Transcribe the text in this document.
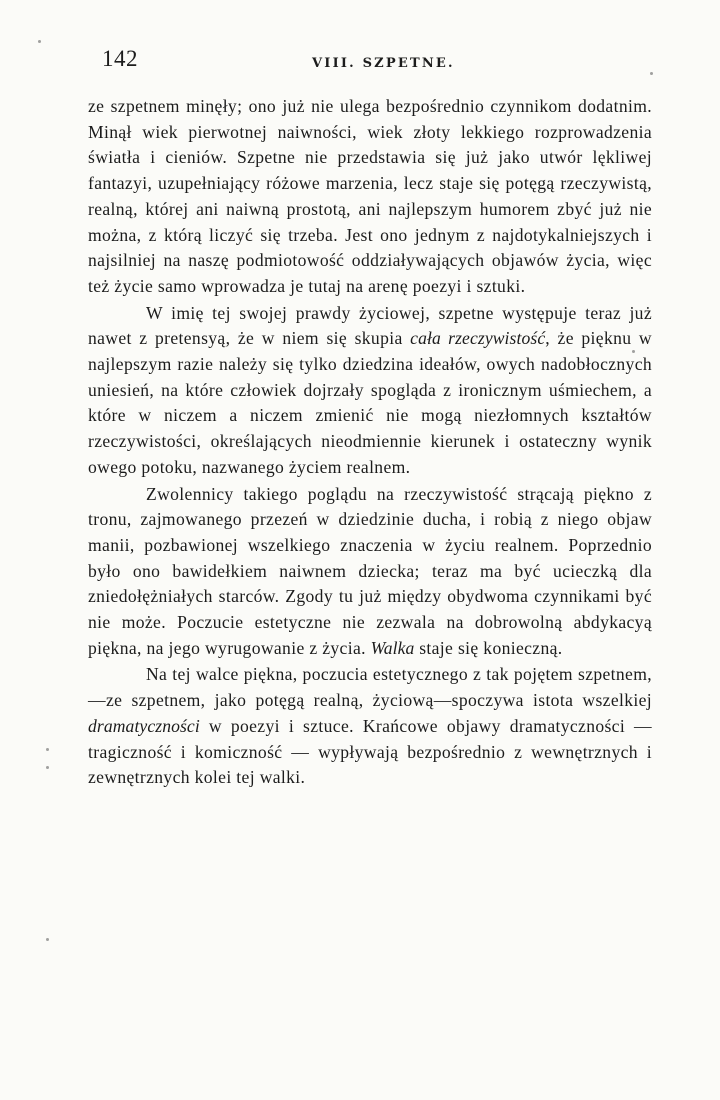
142	VIII. SZPETNE.

ze szpetnem minęły; ono już nie ulega bezpośrednio czynnikom dodatnim. Minął wiek pierwotnej naiwności, wiek złoty lekkiego rozprowadzenia światła i cieniów. Szpetne nie przedstawia się już jako utwór lękliwej fantazyi, uzupełniający różowe marzenia, lecz staje się potęgą rzeczywistą, realną, której ani naiwną prostotą, ani najlepszym humorem zbyć już nie można, z którą liczyć się trzeba. Jest ono jednym z najdotykalniejszych i najsilniej na naszę podmiotowość oddziaływających objawów życia, więc też życie samo wprowadza je tutaj na arenę poezyi i sztuki.

W imię tej swojej prawdy życiowej, szpetne występuje teraz już nawet z pretensyą, że w niem się skupia cała rzeczywistość, że pięknu w najlepszym razie należy się tylko dziedzina ideałów, owych nadobłocznych uniesień, na które człowiek dojrzały spogląda z ironicznym uśmiechem, a które w niczem a niczem zmienić nie mogą niezłomnych kształtów rzeczywistości, określających nieodmiennie kierunek i ostateczny wynik owego potoku, nazwanego życiem realnem.

Zwolennicy takiego poglądu na rzeczywistość strącają piękno z tronu, zajmowanego przezeń w dziedzinie ducha, i robią z niego objaw manii, pozbawionej wszelkiego znaczenia w życiu realnem. Poprzednio było ono bawidełkiem naiwnem dziecka; teraz ma być ucieczką dla zniedołężniałych starców. Zgody tu już między obydwoma czynnikami być nie może. Poczucie estetyczne nie zezwala na dobrowolną abdykacyą piękna, na jego wyrugowanie z życia. Walka staje się konieczną.

Na tej walce piękna, poczucia estetycznego z tak pojętem szpetnem,—ze szpetnem, jako potęgą realną, życiową—spoczywa istota wszelkiej dramatyczności w poezyi i sztuce. Krańcowe objawy dramatyczności — tragiczność i komiczność — wypływają bezpośrednio z wewnętrznych i zewnętrznych kolei tej walki.
